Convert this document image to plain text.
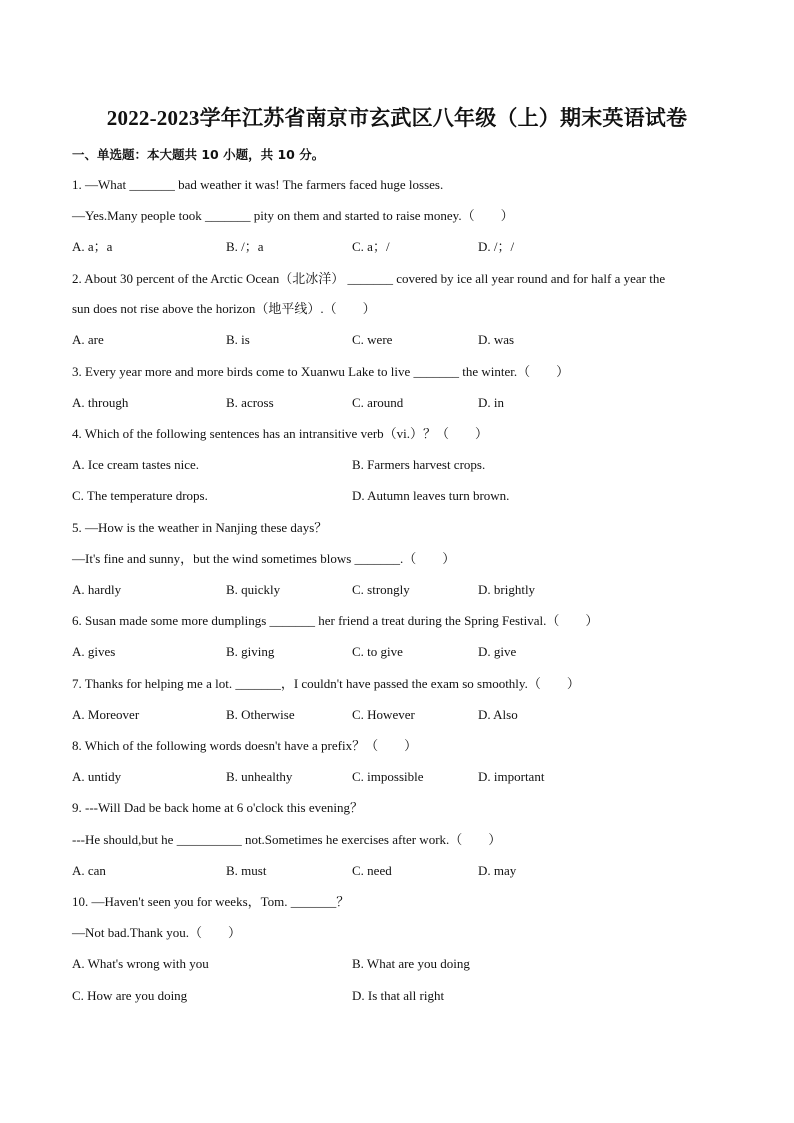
2022-2023学年江苏省南京市玄武区八年级（上）期末英语试卷
一、单选题：本大题共 10 小题，共 10 分。
1. —What _______ bad weather it was! The farmers faced huge losses.
—Yes.Many people took _______ pity on them and started to raise money.（　　）
A. a；a	B. /；a	C. a；/	D. /；/
2. About 30 percent of the Arctic Ocean（北冰洋） _______ covered by ice all year round and for half a year the
sun does not rise above the horizon（地平线）.（　　）
A. are	B. is	C. were	D. was
3. Every year more and more birds come to Xuanwu Lake to live _______ the winter.（　　）
A. through	B. across	C. around	D. in
4. Which of the following sentences has an intransitive verb（vi.）？（　　）
A. Ice cream tastes nice.	B. Farmers harvest crops.
C. The temperature drops.	D. Autumn leaves turn brown.
5. —How is the weather in Nanjing these days？
—It's fine and sunny，but the wind sometimes blows _______.（　　）
A. hardly	B. quickly	C. strongly	D. brightly
6. Susan made some more dumplings _______ her friend a treat during the Spring Festival.（　　）
A. gives	B. giving	C. to give	D. give
7. Thanks for helping me a lot. _______，I couldn't have passed the exam so smoothly.（　　）
A. Moreover	B. Otherwise	C. However	D. Also
8. Which of the following words doesn't have a prefix？（　　）
A. untidy	B. unhealthy	C. impossible	D. important
9. ---Will Dad be back home at 6 o'clock this evening？
---He should,but he __________ not.Sometimes he exercises after work.（　　）
A. can	B. must	C. need	D. may
10. —Haven't seen you for weeks，Tom. _______？
—Not bad.Thank you.（　　）
A. What's wrong with you	B. What are you doing
C. How are you doing	D. Is that all right
